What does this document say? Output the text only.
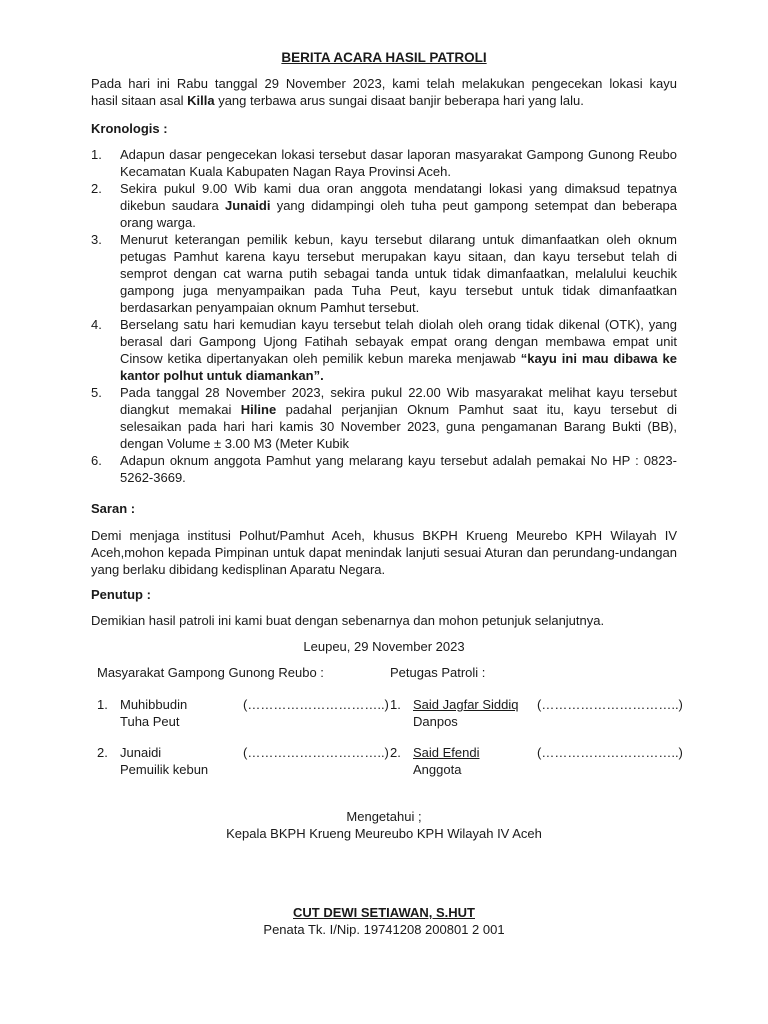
BERITA ACARA HASIL PATROLI
Pada hari ini Rabu tanggal 29 November 2023, kami telah melakukan pengecekan lokasi kayu
hasil sitaan asal Killa yang terbawa arus sungai disaat banjir beberapa hari yang lalu.
Kronologis :
1. Adapun dasar pengecekan lokasi tersebut dasar laporan masyarakat Gampong Gunong Reubo Kecamatan Kuala Kabupaten Nagan Raya Provinsi Aceh.
2. Sekira pukul 9.00 Wib kami dua oran anggota mendatangi lokasi yang dimaksud tepatnya dikebun saudara Junaidi yang didampingi oleh tuha peut gampong setempat dan beberapa orang warga.
3. Menurut keterangan pemilik kebun, kayu tersebut dilarang untuk dimanfaatkan oleh oknum petugas Pamhut karena kayu tersebut merupakan kayu sitaan, dan kayu tersebut telah di semprot dengan cat warna putih sebagai tanda untuk tidak dimanfaatkan, melalului keuchik gampong juga menyampaikan pada Tuha Peut, kayu tersebut untuk tidak dimanfaatkan berdasarkan penyampaian oknum Pamhut tersebut.
4. Berselang satu hari kemudian kayu tersebut telah diolah oleh orang tidak dikenal (OTK), yang berasal dari Gampong Ujong Fatihah sebayak empat orang dengan membawa empat unit Cinsow ketika dipertanyakan oleh pemilik kebun mareka menjawab “kayu ini mau dibawa ke kantor polhut untuk diamankan”.
5. Pada tanggal 28 November 2023, sekira pukul 22.00 Wib masyarakat melihat kayu tersebut diangkut memakai Hiline padahal perjanjian Oknum Pamhut saat itu, kayu tersebut di selesaikan pada hari hari kamis 30 November 2023, guna pengamanan Barang Bukti (BB), dengan Volume ± 3.00 M3 (Meter Kubik
6. Adapun oknum anggota Pamhut yang melarang kayu tersebut adalah pemakai No HP : 0823-5262-3669.
Saran :
Demi menjaga institusi Polhut/Pamhut Aceh, khusus BKPH Krueng Meurebo KPH Wilayah IV Aceh,mohon kepada Pimpinan untuk dapat menindak lanjuti sesuai Aturan dan perundang-undangan yang berlaku dibidang kedisplinan Aparatu Negara.
Penutup :
Demikian hasil patroli ini kami buat dengan sebenarnya dan mohon petunjuk selanjutnya.
Leupeu, 29 November 2023
Masyarakat Gampong Gunong Reubo :	Petugas Patroli :
1. Muhibbudin
Tuha Peut
(…………………………..)
2. Junaidi
Pemuilik kebun
(…………………………..)
1. Said Jagfar Siddiq
Danpos
(…………………………..)
2. Said Efendi
Anggota
(…………………………..)
Mengetahui ;
Kepala BKPH Krueng Meureubo KPH Wilayah IV Aceh
CUT DEWI SETIAWAN, S.HUT
Penata Tk. I/Nip. 19741208 200801 2 001
